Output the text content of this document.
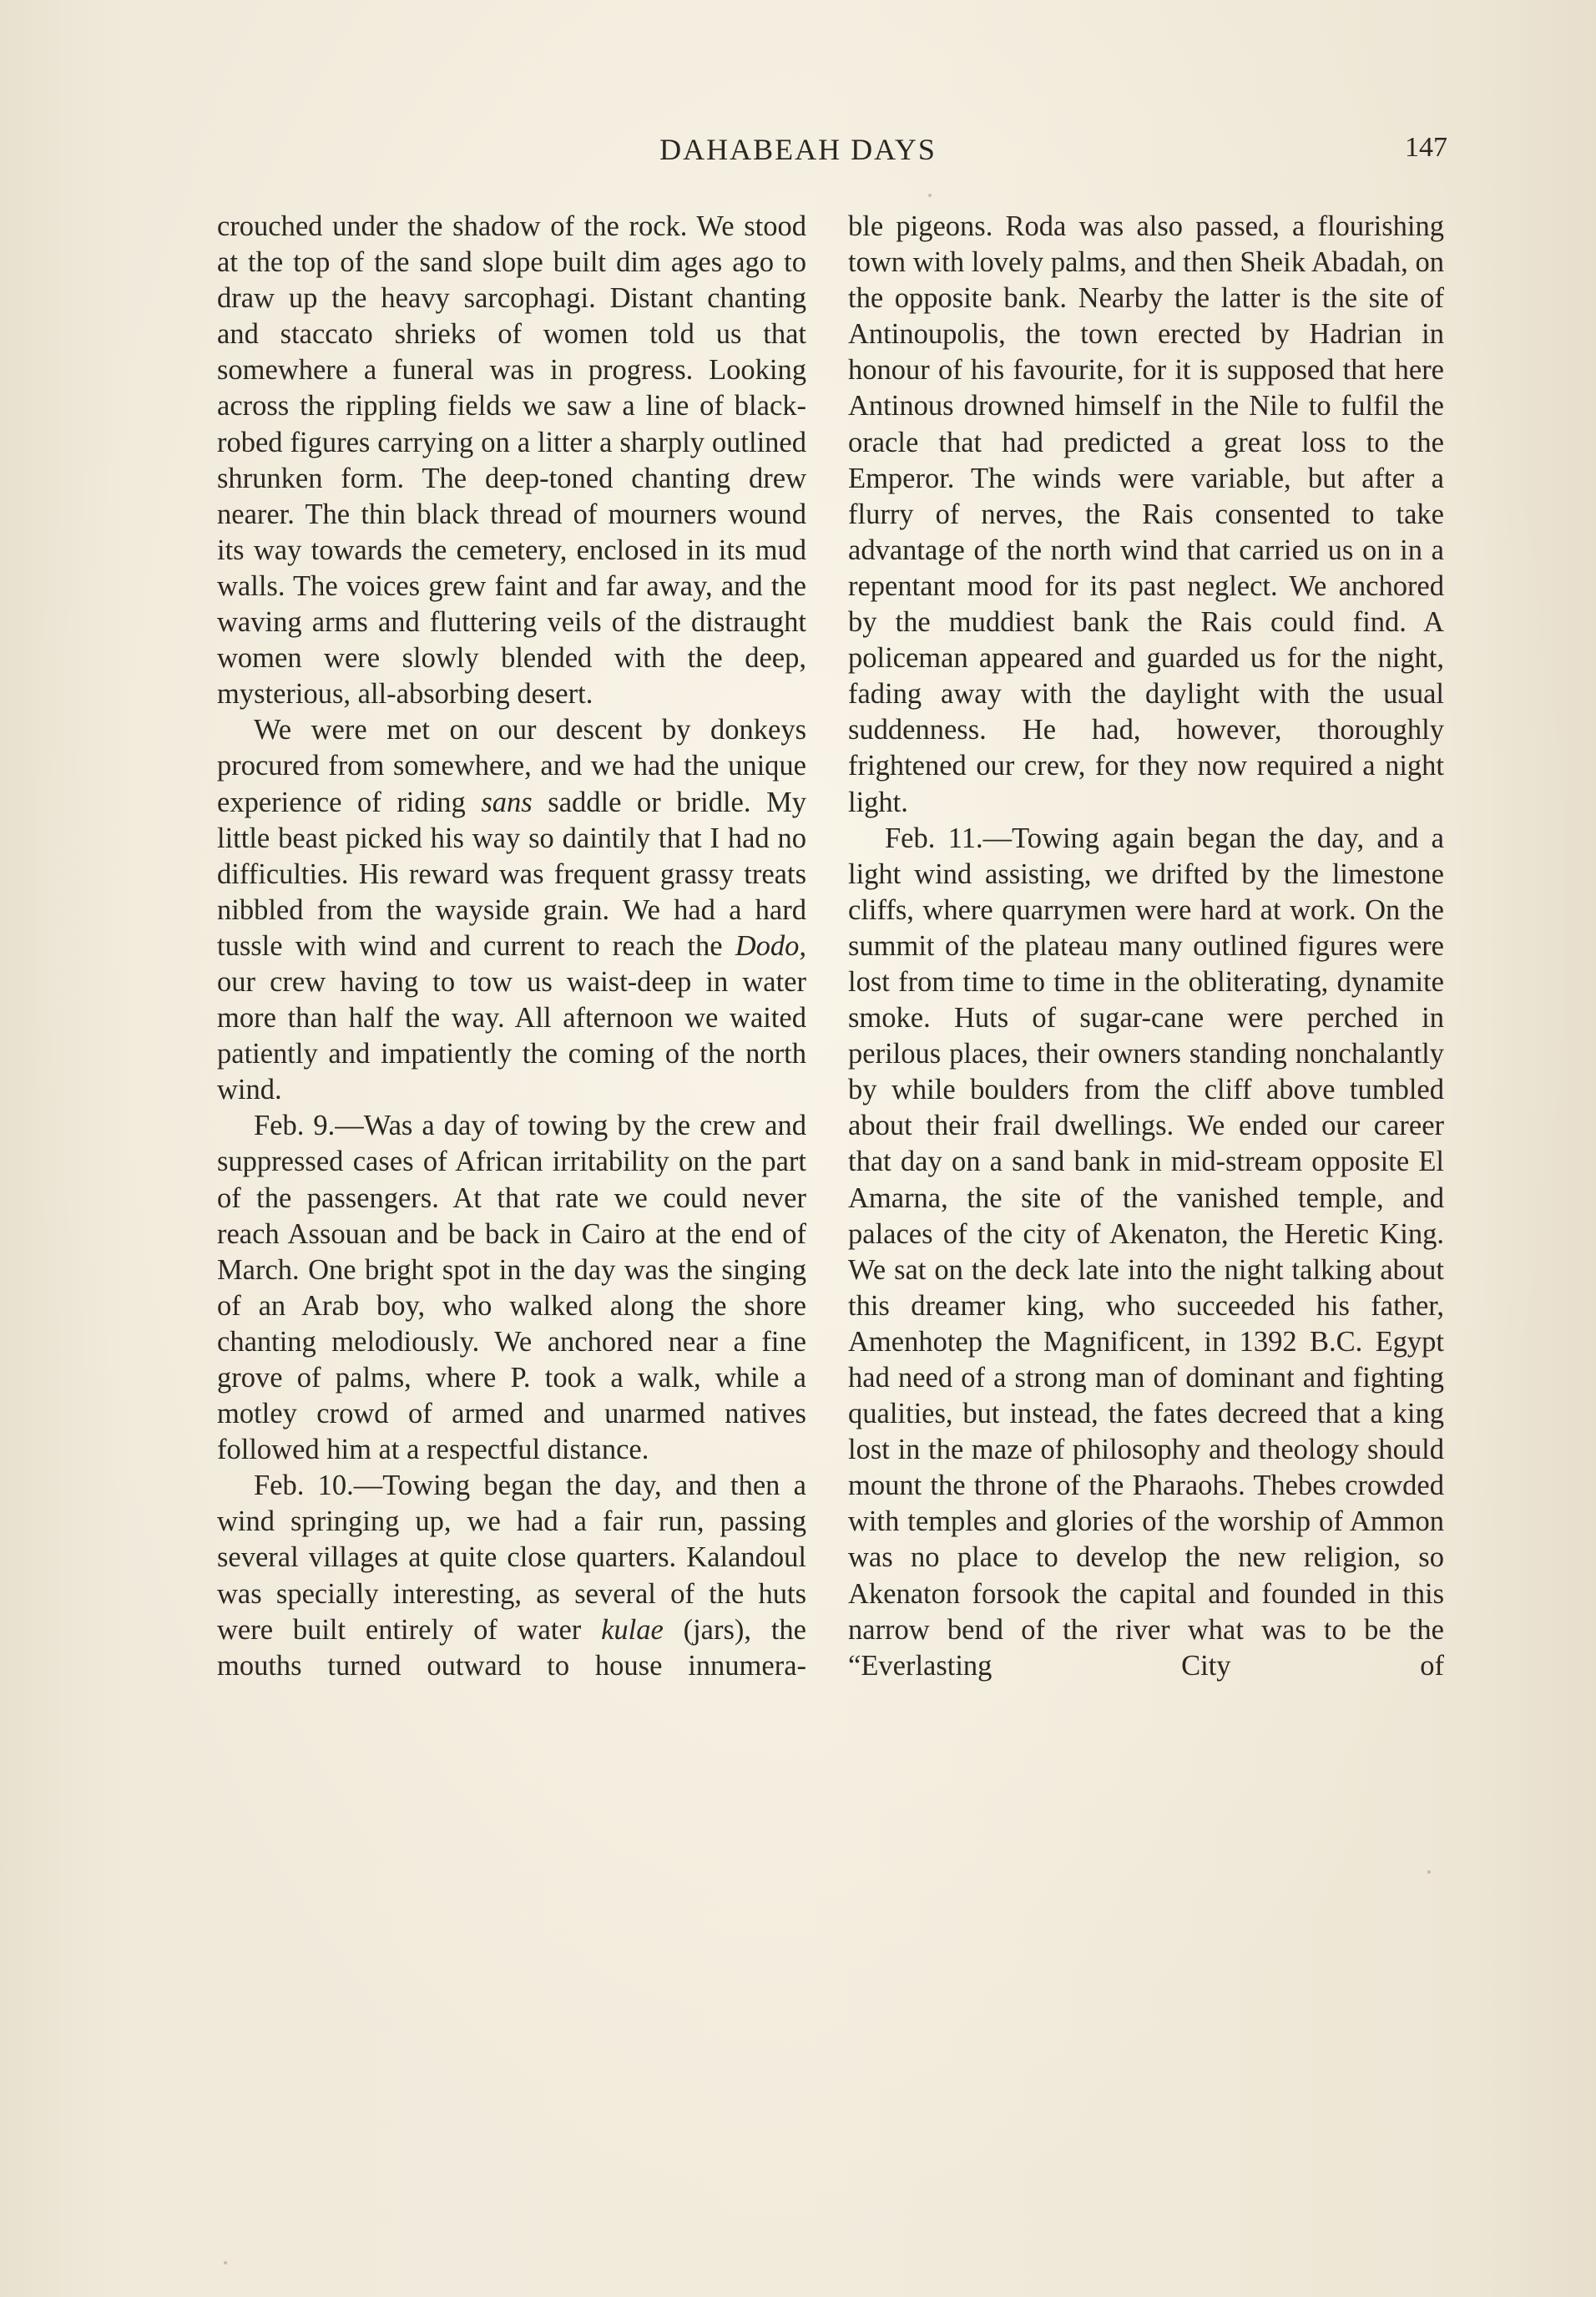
DAHABEAH DAYS	147

crouched under the shadow of the rock. We stood at the top of the sand slope built dim ages ago to draw up the heavy sarcophagi. Distant chanting and staccato shrieks of women told us that somewhere a funeral was in progress. Looking across the rippling fields we saw a line of black-robed figures carrying on a litter a sharply outlined shrunken form. The deep-toned chanting drew nearer. The thin black thread of mourners wound its way towards the cemetery, enclosed in its mud walls. The voices grew faint and far away, and the waving arms and fluttering veils of the distraught women were slowly blended with the deep, mysterious, all-absorbing desert.

We were met on our descent by donkeys procured from somewhere, and we had the unique experience of riding sans saddle or bridle. My little beast picked his way so daintily that I had no difficulties. His reward was frequent grassy treats nibbled from the wayside grain. We had a hard tussle with wind and current to reach the Dodo, our crew having to tow us waist-deep in water more than half the way. All afternoon we waited patiently and impatiently the coming of the north wind.

Feb. 9.—Was a day of towing by the crew and suppressed cases of African irritability on the part of the passengers. At that rate we could never reach Assouan and be back in Cairo at the end of March. One bright spot in the day was the singing of an Arab boy, who walked along the shore chanting melodiously. We anchored near a fine grove of palms, where P. took a walk, while a motley crowd of armed and unarmed natives followed him at a respectful distance.

Feb. 10.—Towing began the day, and then a wind springing up, we had a fair run, passing several villages at quite close quarters. Kalandoul was specially interesting, as several of the huts were built entirely of water kulae (jars), the mouths turned outward to house innumera-

ble pigeons. Roda was also passed, a flourishing town with lovely palms, and then Sheik Abadah, on the opposite bank. Nearby the latter is the site of Antinoupolis, the town erected by Hadrian in honour of his favourite, for it is supposed that here Antinous drowned himself in the Nile to fulfil the oracle that had predicted a great loss to the Emperor. The winds were variable, but after a flurry of nerves, the Rais consented to take advantage of the north wind that carried us on in a repentant mood for its past neglect. We anchored by the muddiest bank the Rais could find. A policeman appeared and guarded us for the night, fading away with the daylight with the usual suddenness. He had, however, thoroughly frightened our crew, for they now required a night light.

Feb. 11.—Towing again began the day, and a light wind assisting, we drifted by the limestone cliffs, where quarrymen were hard at work. On the summit of the plateau many outlined figures were lost from time to time in the obliterating, dynamite smoke. Huts of sugar-cane were perched in perilous places, their owners standing nonchalantly by while boulders from the cliff above tumbled about their frail dwellings. We ended our career that day on a sand bank in mid-stream opposite El Amarna, the site of the vanished temple, and palaces of the city of Akenaton, the Heretic King. We sat on the deck late into the night talking about this dreamer king, who succeeded his father, Amenhotep the Magnificent, in 1392 B.C. Egypt had need of a strong man of dominant and fighting qualities, but instead, the fates decreed that a king lost in the maze of philosophy and theology should mount the throne of the Pharaohs. Thebes crowded with temples and glories of the worship of Ammon was no place to develop the new religion, so Akenaton forsook the capital and founded in this narrow bend of the river what was to be the “Everlasting City of
